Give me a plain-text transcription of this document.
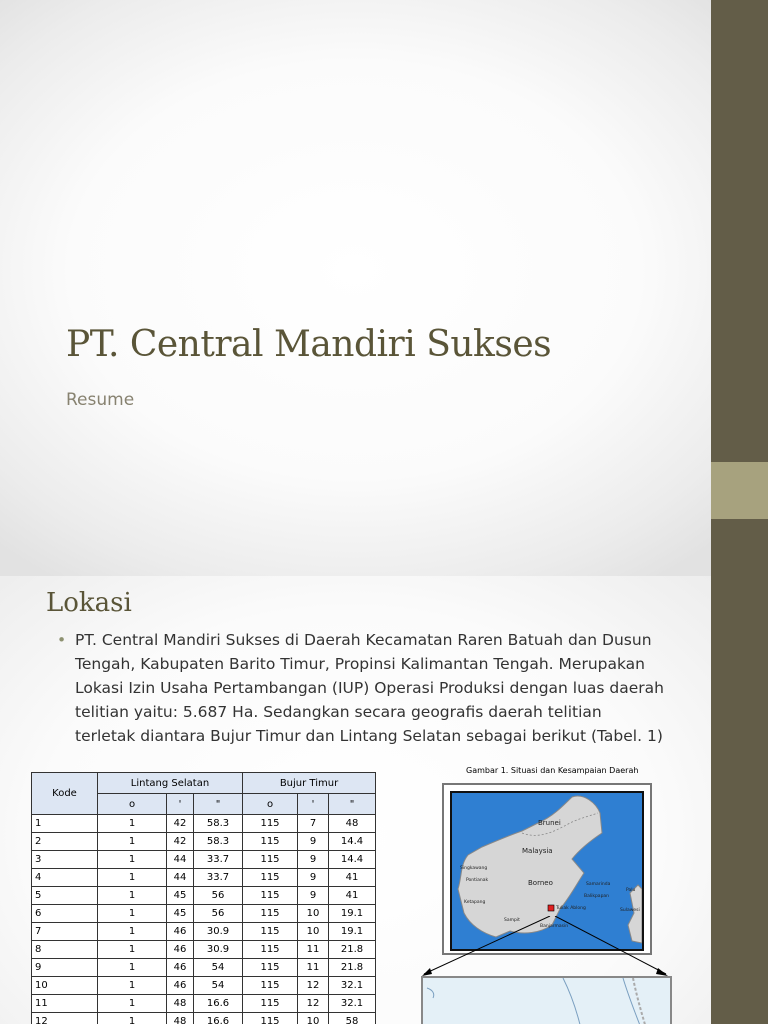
PT. Central Mandiri Sukses
Resume
Lokasi
• PT. Central Mandiri Sukses di Daerah Kecamatan Raren Batuah dan Dusun Tengah, Kabupaten Barito Timur, Propinsi Kalimantan Tengah. Merupakan Lokasi Izin Usaha Pertambangan (IUP) Operasi Produksi dengan luas daerah telitian yaitu: 5.687 Ha. Sedangkan secara geografis daerah telitian terletak diantara Bujur Timur dan Lintang Selatan sebagai berikut (Tabel. 1)
Kode	Lintang Selatan			Bujur Timur		
	o	'	"	o	'	"
1	1	42	58.3	115	7	48
2	1	42	58.3	115	9	14.4
3	1	44	33.7	115	9	14.4
4	1	44	33.7	115	9	41
5	1	45	56	115	9	41
6	1	45	56	115	10	19.1
7	1	46	30.9	115	10	19.1
8	1	46	30.9	115	11	21.8
9	1	46	54	115	11	21.8
10	1	46	54	115	12	32.1
11	1	48	16.6	115	12	32.1
12	1	48	16.6	115	10	58
Gambar 1. Situasi dan Kesampaian Daerah
Brunei
Malaysia
Borneo
Singkawang
Pontianak
Ketapang
Sampit
Samarinda
Balikpapan
Tuliak Ablong
Banjarmasin
Palu
Sulawesi
